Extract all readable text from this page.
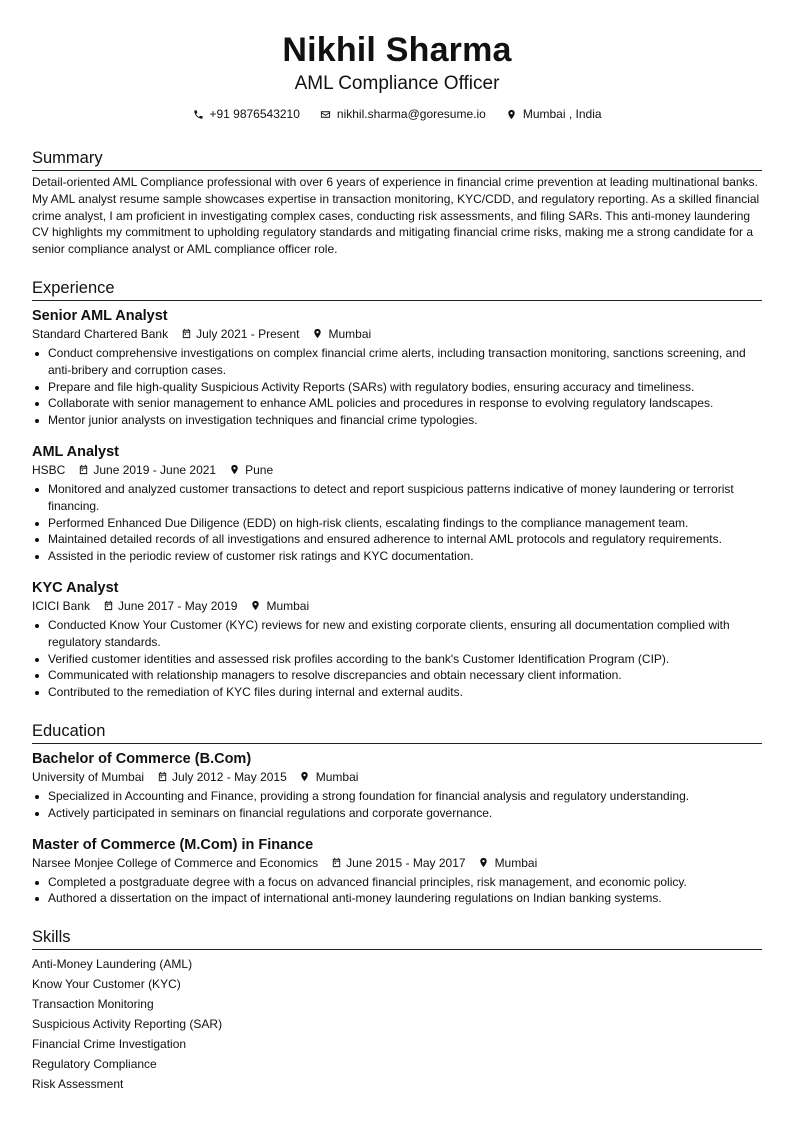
Nikhil Sharma
AML Compliance Officer
+91 9876543210	nikhil.sharma@goresume.io	Mumbai , India
Summary
Detail-oriented AML Compliance professional with over 6 years of experience in financial crime prevention at leading multinational banks. My AML analyst resume sample showcases expertise in transaction monitoring, KYC/CDD, and regulatory reporting. As a skilled financial crime analyst, I am proficient in investigating complex cases, conducting risk assessments, and filing SARs. This anti-money laundering CV highlights my commitment to upholding regulatory standards and mitigating financial crime risks, making me a strong candidate for a senior compliance analyst or AML compliance officer role.
Experience
Senior AML Analyst
Standard Chartered Bank July 2021 - Present Mumbai
Conduct comprehensive investigations on complex financial crime alerts, including transaction monitoring, sanctions screening, and anti-bribery and corruption cases.
Prepare and file high-quality Suspicious Activity Reports (SARs) with regulatory bodies, ensuring accuracy and timeliness.
Collaborate with senior management to enhance AML policies and procedures in response to evolving regulatory landscapes.
Mentor junior analysts on investigation techniques and financial crime typologies.
AML Analyst
HSBC June 2019 - June 2021 Pune
Monitored and analyzed customer transactions to detect and report suspicious patterns indicative of money laundering or terrorist financing.
Performed Enhanced Due Diligence (EDD) on high-risk clients, escalating findings to the compliance management team.
Maintained detailed records of all investigations and ensured adherence to internal AML protocols and regulatory requirements.
Assisted in the periodic review of customer risk ratings and KYC documentation.
KYC Analyst
ICICI Bank June 2017 - May 2019 Mumbai
Conducted Know Your Customer (KYC) reviews for new and existing corporate clients, ensuring all documentation complied with regulatory standards.
Verified customer identities and assessed risk profiles according to the bank's Customer Identification Program (CIP).
Communicated with relationship managers to resolve discrepancies and obtain necessary client information.
Contributed to the remediation of KYC files during internal and external audits.
Education
Bachelor of Commerce (B.Com)
University of Mumbai July 2012 - May 2015 Mumbai
Specialized in Accounting and Finance, providing a strong foundation for financial analysis and regulatory understanding.
Actively participated in seminars on financial regulations and corporate governance.
Master of Commerce (M.Com) in Finance
Narsee Monjee College of Commerce and Economics June 2015 - May 2017 Mumbai
Completed a postgraduate degree with a focus on advanced financial principles, risk management, and economic policy.
Authored a dissertation on the impact of international anti-money laundering regulations on Indian banking systems.
Skills
Anti-Money Laundering (AML)
Know Your Customer (KYC)
Transaction Monitoring
Suspicious Activity Reporting (SAR)
Financial Crime Investigation
Regulatory Compliance
Risk Assessment
